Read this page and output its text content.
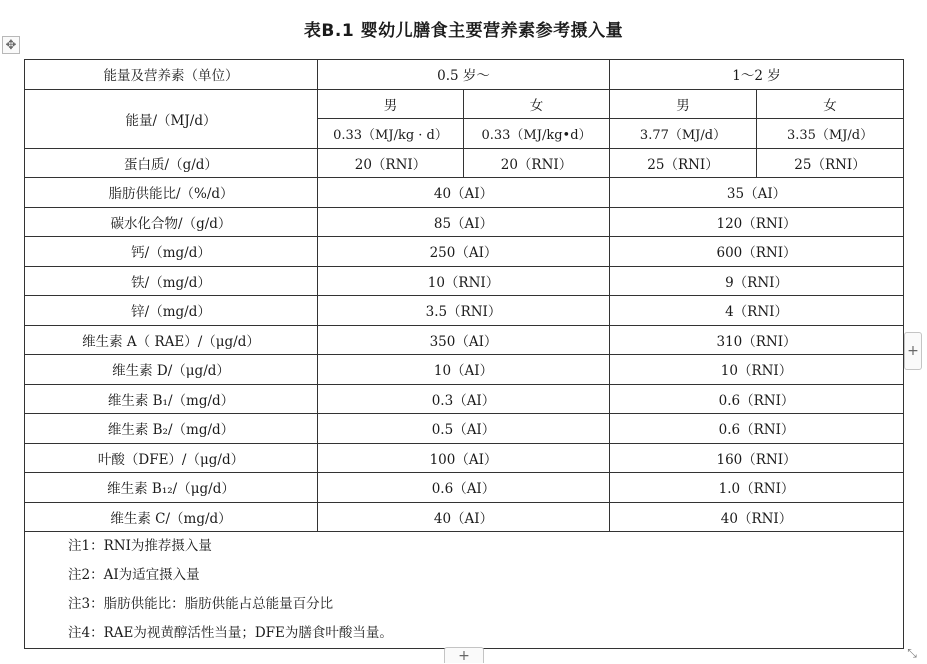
表B.1 婴幼儿膳食主要营养素参考摄入量
✥
能量及营养素（单位）	0.5 岁～		1～2 岁	
能量/（MJ/d）	男	女	男	女
	0.33（MJ/kg · d）	0.33（MJ/kg•d）	3.77（MJ/d）	3.35（MJ/d）
蛋白质/（g/d）	20（RNI）	20（RNI）	25（RNI）	25（RNI）
脂肪供能比/（%/d）	40（AI）		35（AI）	
碳水化合物/（g/d）	85（AI）		120（RNI）	
钙/（mg/d）	250（AI）		600（RNI）	
铁/（mg/d）	10（RNI）		9（RNI）	
锌/（mg/d）	3.5（RNI）		4（RNI）	
维生素 A（ RAE）/（μg/d）	350（AI）		310（RNI）	
维生素 D/（μg/d）	10（AI）		10（RNI）	
维生素 B₁/（mg/d）	0.3（AI）		0.6（RNI）	
维生素 B₂/（mg/d）	0.5（AI）		0.6（RNI）	
叶酸（DFE）/（μg/d）	100（AI）		160（RNI）	
维生素 B₁₂/（μg/d）	0.6（AI）		1.0（RNI）	
维生素 C/（mg/d）	40（AI）		40（RNI）	

注1：RNI为推荐摄入量
注2：AI为适宜摄入量
注3：脂肪供能比：脂肪供能占总能量百分比
注4：RAE为视黄醇活性当量；DFE为膳食叶酸当量。				
+
+	⤡
